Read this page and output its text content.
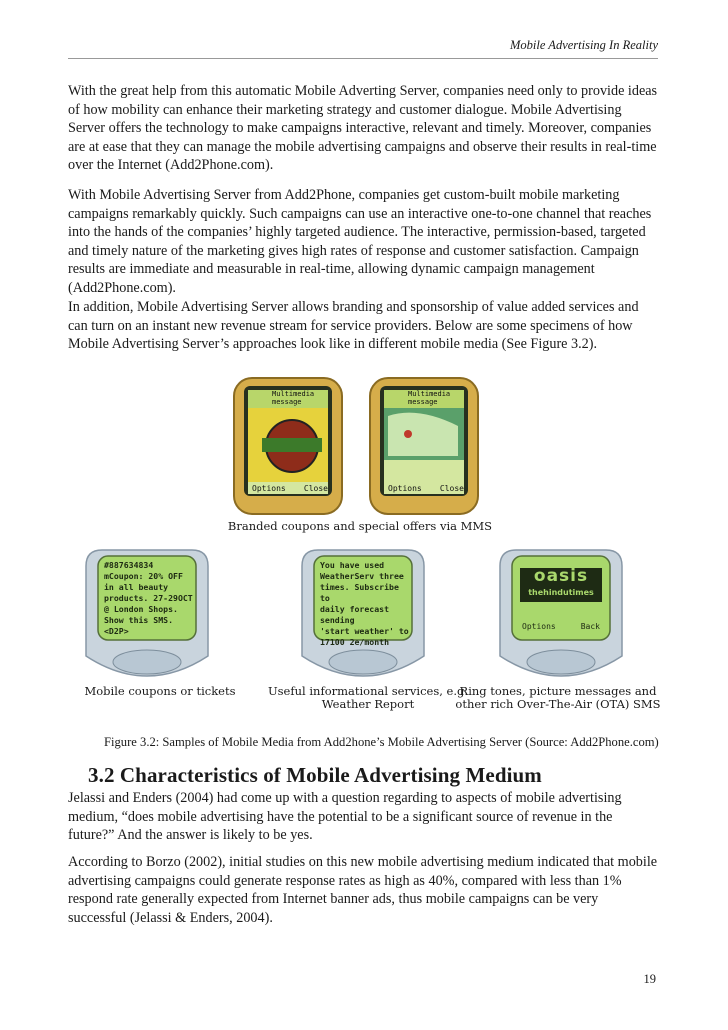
Mobile Advertising In Reality

With the great help from this automatic Mobile Adverting Server, companies need only to provide ideas of how mobility can enhance their marketing strategy and customer dialogue. Mobile Advertising Server offers the technology to make campaigns interactive, relevant and timely. Moreover, companies are at ease that they can manage the mobile advertising campaigns and observe their results in real-time over the Internet (Add2Phone.com).

With Mobile Advertising Server from Add2Phone, companies get custom-built mobile marketing campaigns remarkably quickly. Such campaigns can use an interactive one-to-one channel that reaches into the hands of the companies’ highly targeted audience. The interactive, permission-based, targeted and timely nature of the marketing gives high rates of response and customer satisfaction. Campaign results are immediate and measurable in real-time, allowing dynamic campaign management (Add2Phone.com).

In addition, Mobile Advertising Server allows branding and sponsorship of value added services and can turn on an instant new revenue stream for service providers. Below are some specimens of how Mobile Advertising Server’s approaches look like in different mobile media (See Figure 3.2).

Multimedia message
Options Close
Multimedia message
Options Close
Branded coupons and special offers via MMS
#887634834
mCoupon: 20% OFF
in all beauty
products. 27-29OCT
@ London Shops.
Show this SMS.<D2P>
You have used
WeatherServ three
times. Subscribe to
daily forecast sending
'start weather' to
17100 2e/month
oasis
thehindutimes
Options	Back
Mobile coupons or tickets	Useful informational services, e.g.
Weather Report
Ring tones, picture messages and
other rich Over-The-Air (OTA) SMS
Figure 3.2: Samples of Mobile Media from Add2hone’s Mobile Advertising Server (Source: Add2Phone.com)
3.2 Characteristics of Mobile Advertising Medium

Jelassi and Enders (2004) had come up with a question regarding to aspects of mobile advertising medium, “does mobile advertising have the potential to be a significant source of revenue in the future?” And the answer is likely to be yes.

According to Borzo (2002), initial studies on this new mobile advertising medium indicated that mobile advertising campaigns could generate response rates as high as 40%, compared with less than 1% respond rate generally expected from Internet banner ads, thus mobile campaigns can be very successful (Jelassi & Enders, 2004).

19
